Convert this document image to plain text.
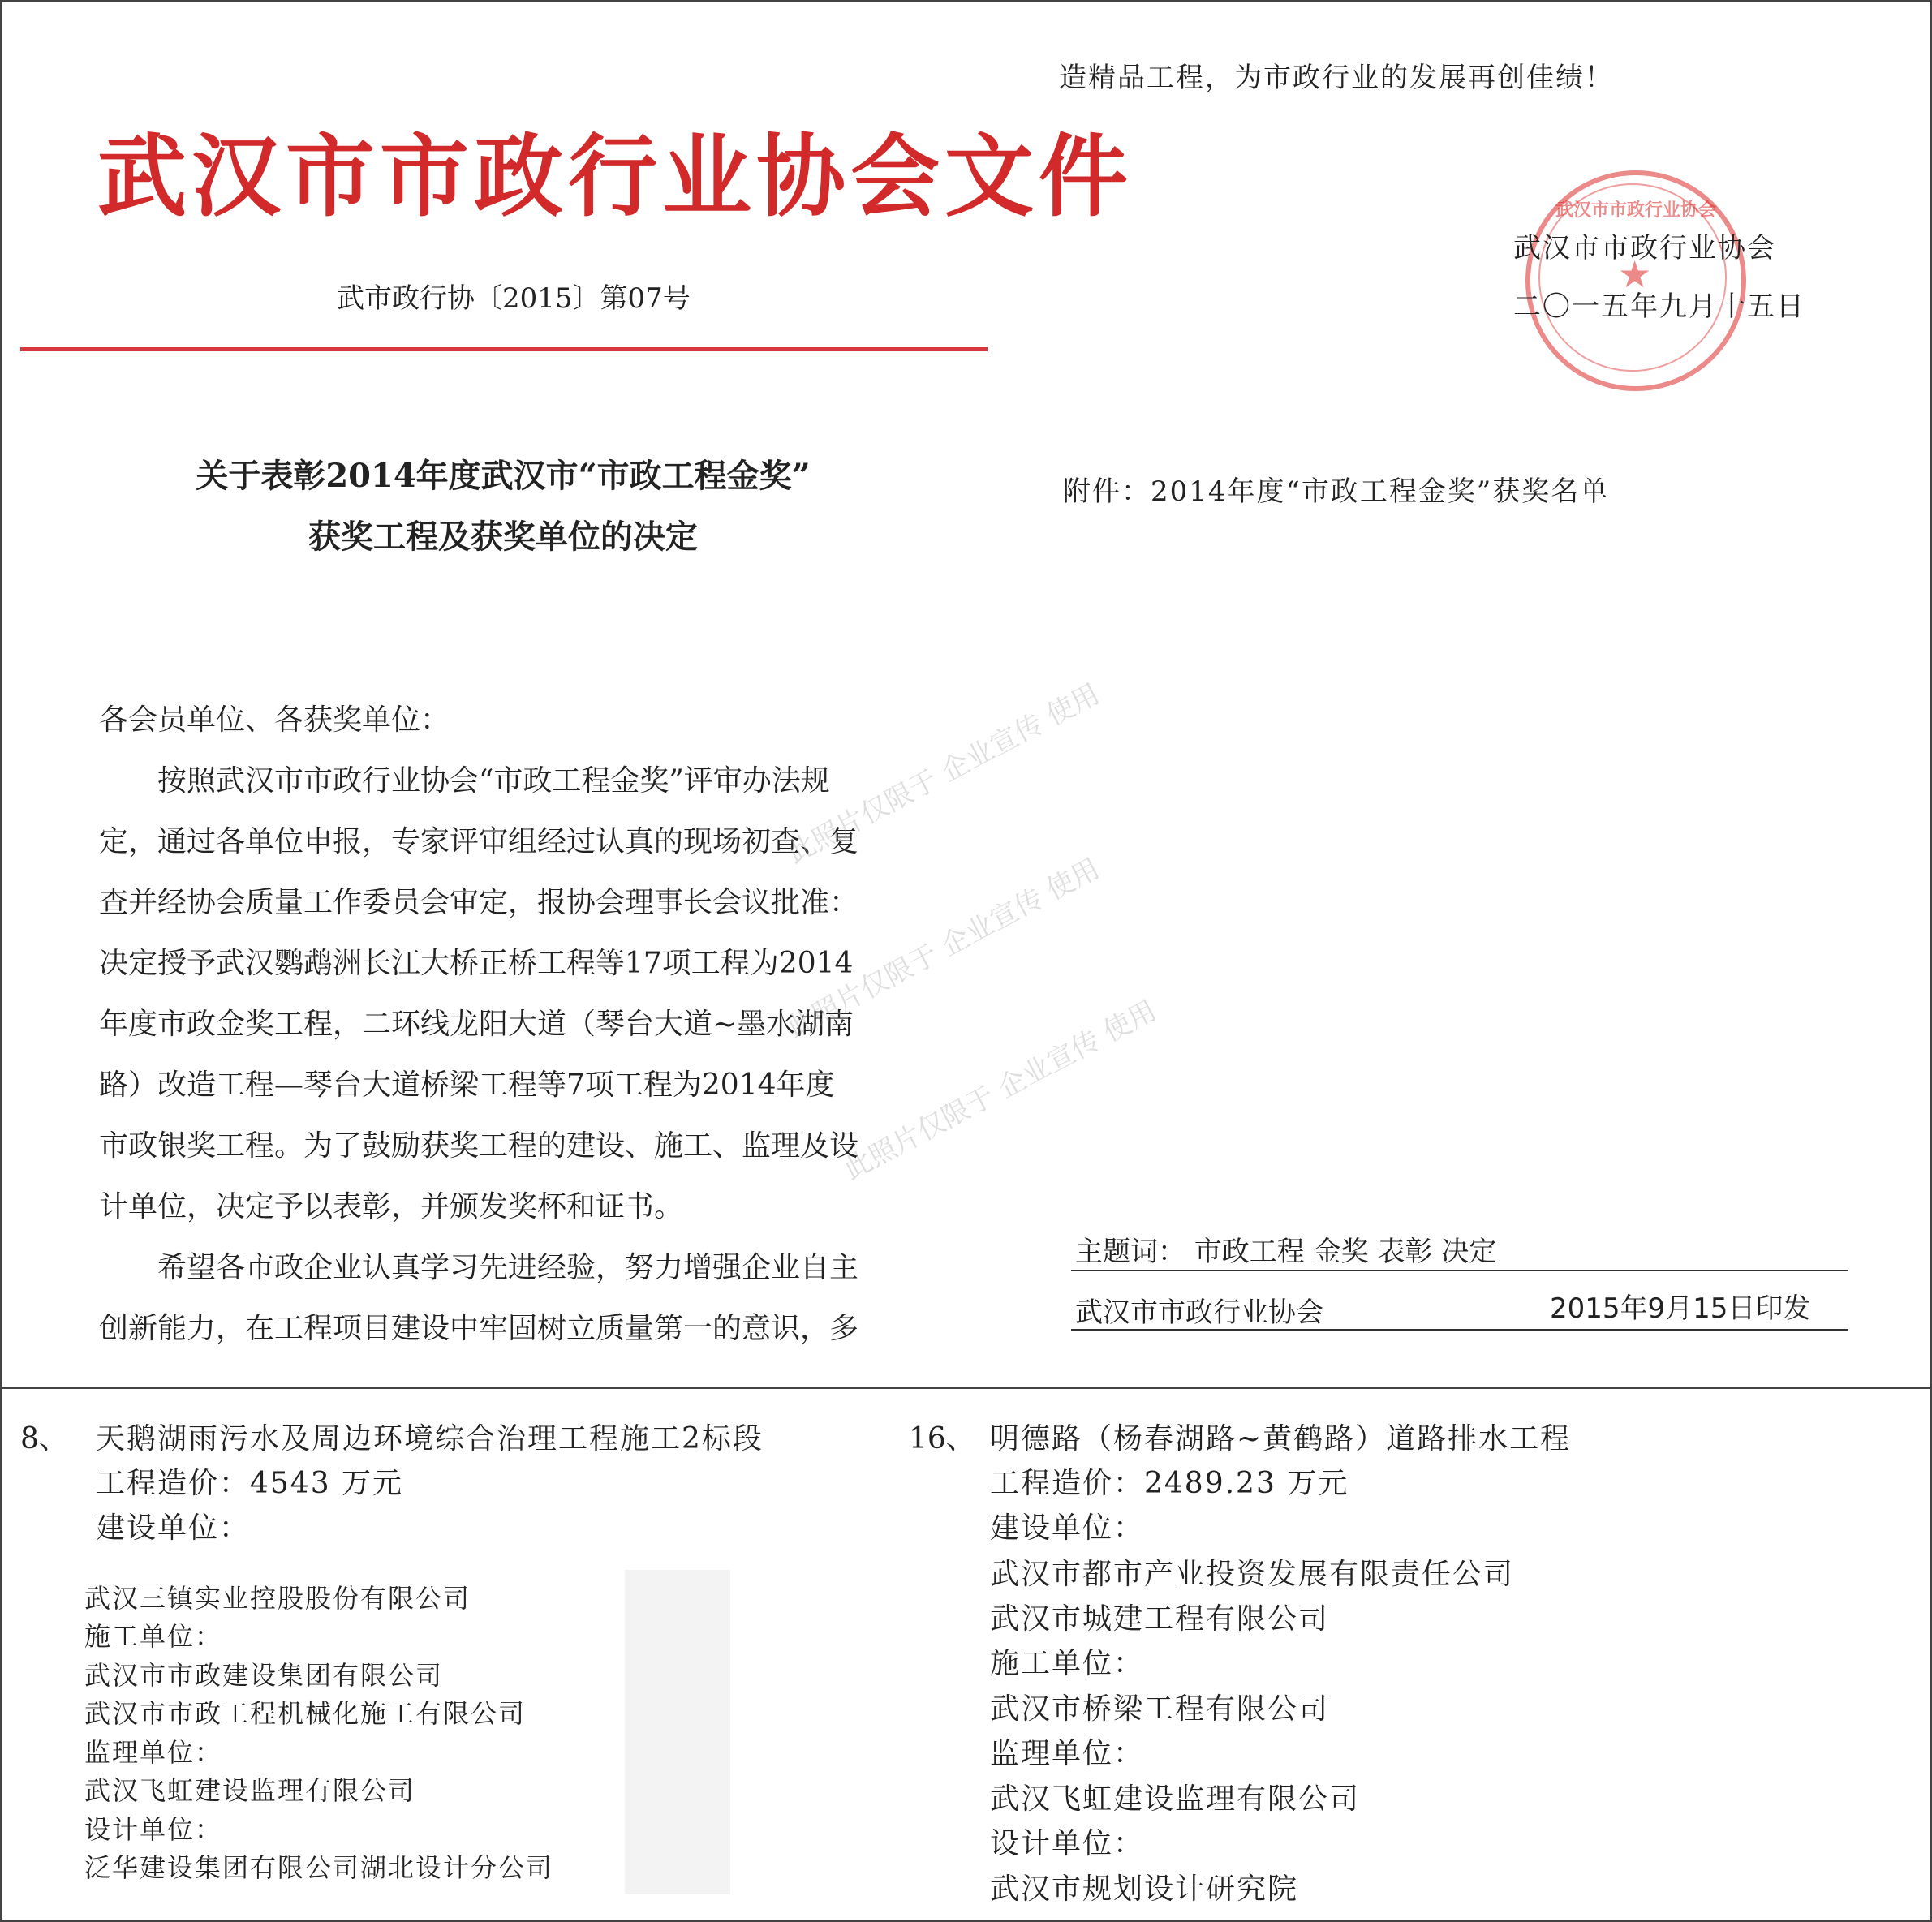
武汉市市政行业协会文件
武市政行协〔2015〕第07号
关于表彰2014年度武汉市“市政工程金奖”
获奖工程及获奖单位的决定
各会员单位、各获奖单位：

按照武汉市市政行业协会“市政工程金奖”评审办法规

定，通过各单位申报，专家评审组经过认真的现场初查、复

查并经协会质量工作委员会审定，报协会理事长会议批准：

决定授予武汉鹦鹉洲长江大桥正桥工程等17项工程为2014

年度市政金奖工程，二环线龙阳大道（琴台大道~墨水湖南

路）改造工程—琴台大道桥梁工程等7项工程为2014年度

市政银奖工程。为了鼓励获奖工程的建设、施工、监理及设

计单位，决定予以表彰，并颁发奖杯和证书。

希望各市政企业认真学习先进经验，努力增强企业自主

创新能力，在工程项目建设中牢固树立质量第一的意识，多

此照片仅限于 企业宣传 使用
此照片仅限于 企业宣传 使用
此照片仅限于 企业宣传 使用
造精品工程，为市政行业的发展再创佳绩！
★
武汉市市政行业协会
武汉市市政行业协会
二〇一五年九月十五日
附件：2014年度“市政工程金奖”获奖名单
主题词： 市政工程 金奖 表彰 决定
武汉市市政行业协会	2015年9月15日印发
8、 天鹅湖雨污水及周边环境综合治理工程施工2标段
工程造价：4543 万元
建设单位：
武汉三镇实业控股股份有限公司
施工单位：
武汉市市政建设集团有限公司
武汉市市政工程机械化施工有限公司
监理单位：
武汉飞虹建设监理有限公司
设计单位：
泛华建设集团有限公司湖北设计分公司
16、 明德路（杨春湖路~黄鹤路）道路排水工程
工程造价：2489.23 万元
建设单位：
武汉市都市产业投资发展有限责任公司
武汉市城建工程有限公司
施工单位：
武汉市桥梁工程有限公司
监理单位：
武汉飞虹建设监理有限公司
设计单位：
武汉市规划设计研究院
